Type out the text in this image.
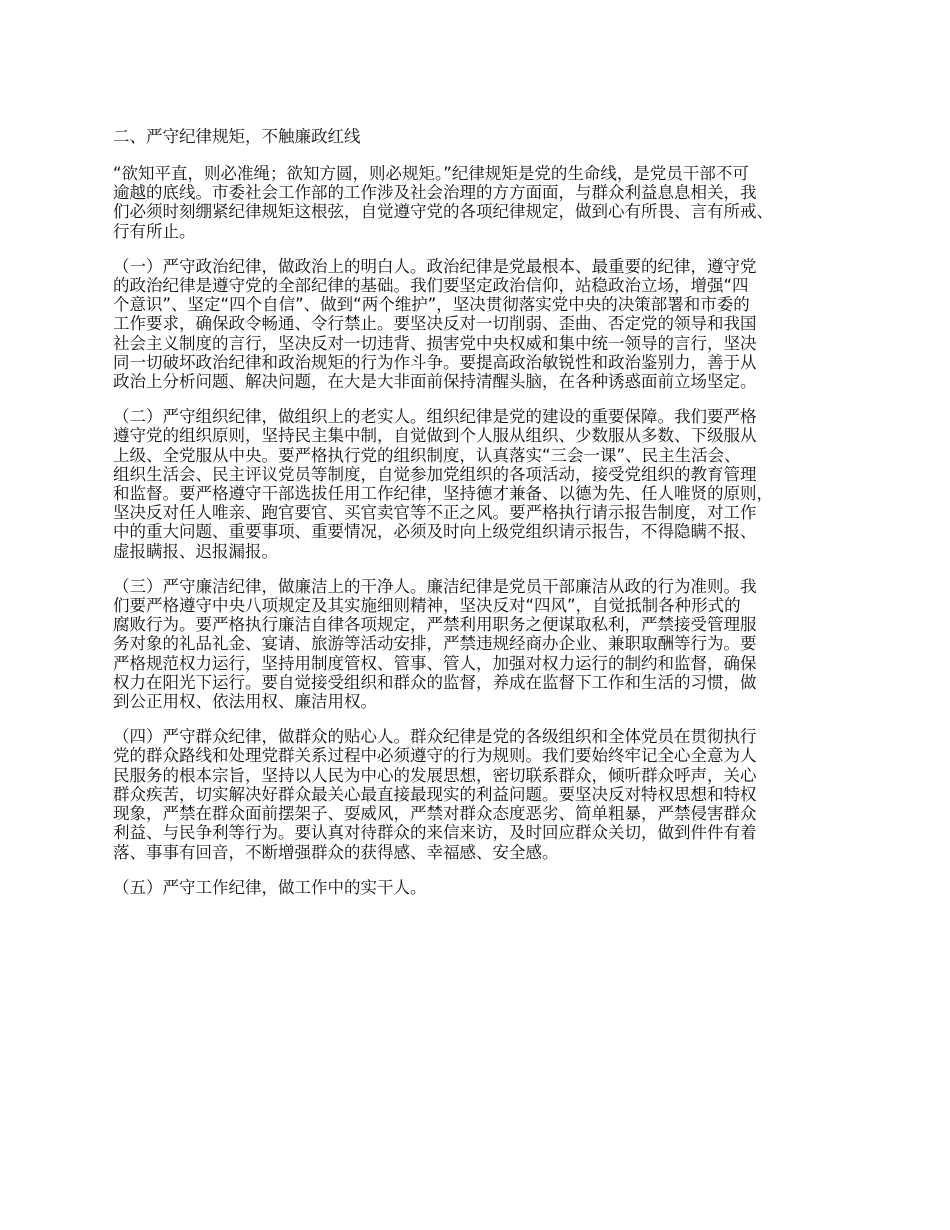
二、严守纪律规矩，不触廉政红线
“欲知平直，则必准绳；欲知方圆，则必规矩。”纪律规矩是党的生命线，是党员干部不可
逾越的底线。市委社会工作部的工作涉及社会治理的方方面面，与群众利益息息相关，我
们必须时刻绷紧纪律规矩这根弦，自觉遵守党的各项纪律规定，做到心有所畏、言有所戒、
行有所止。
（一）严守政治纪律，做政治上的明白人。政治纪律是党最根本、最重要的纪律，遵守党
的政治纪律是遵守党的全部纪律的基础。我们要坚定政治信仰，站稳政治立场，增强“四
个意识”、坚定“四个自信”、做到“两个维护”，坚决贯彻落实党中央的决策部署和市委的
工作要求，确保政令畅通、令行禁止。要坚决反对一切削弱、歪曲、否定党的领导和我国
社会主义制度的言行，坚决反对一切违背、损害党中央权威和集中统一领导的言行，坚决
同一切破坏政治纪律和政治规矩的行为作斗争。要提高政治敏锐性和政治鉴别力，善于从
政治上分析问题、解决问题，在大是大非面前保持清醒头脑，在各种诱惑面前立场坚定。
（二）严守组织纪律，做组织上的老实人。组织纪律是党的建设的重要保障。我们要严格
遵守党的组织原则，坚持民主集中制，自觉做到个人服从组织、少数服从多数、下级服从
上级、全党服从中央。要严格执行党的组织制度，认真落实“三会一课”、民主生活会、
组织生活会、民主评议党员等制度，自觉参加党组织的各项活动，接受党组织的教育管理
和监督。要严格遵守干部选拔任用工作纪律，坚持德才兼备、以德为先、任人唯贤的原则，
坚决反对任人唯亲、跑官要官、买官卖官等不正之风。要严格执行请示报告制度，对工作
中的重大问题、重要事项、重要情况，必须及时向上级党组织请示报告，不得隐瞒不报、
虚报瞒报、迟报漏报。
（三）严守廉洁纪律，做廉洁上的干净人。廉洁纪律是党员干部廉洁从政的行为准则。我
们要严格遵守中央八项规定及其实施细则精神，坚决反对“四风”，自觉抵制各种形式的
腐败行为。要严格执行廉洁自律各项规定，严禁利用职务之便谋取私利，严禁接受管理服
务对象的礼品礼金、宴请、旅游等活动安排，严禁违规经商办企业、兼职取酬等行为。要
严格规范权力运行，坚持用制度管权、管事、管人，加强对权力运行的制约和监督，确保
权力在阳光下运行。要自觉接受组织和群众的监督，养成在监督下工作和生活的习惯，做
到公正用权、依法用权、廉洁用权。
（四）严守群众纪律，做群众的贴心人。群众纪律是党的各级组织和全体党员在贯彻执行
党的群众路线和处理党群关系过程中必须遵守的行为规则。我们要始终牢记全心全意为人
民服务的根本宗旨，坚持以人民为中心的发展思想，密切联系群众，倾听群众呼声，关心
群众疾苦，切实解决好群众最关心最直接最现实的利益问题。要坚决反对特权思想和特权
现象，严禁在群众面前摆架子、耍威风，严禁对群众态度恶劣、简单粗暴，严禁侵害群众
利益、与民争利等行为。要认真对待群众的来信来访，及时回应群众关切，做到件件有着
落、事事有回音，不断增强群众的获得感、幸福感、安全感。
（五）严守工作纪律，做工作中的实干人。
